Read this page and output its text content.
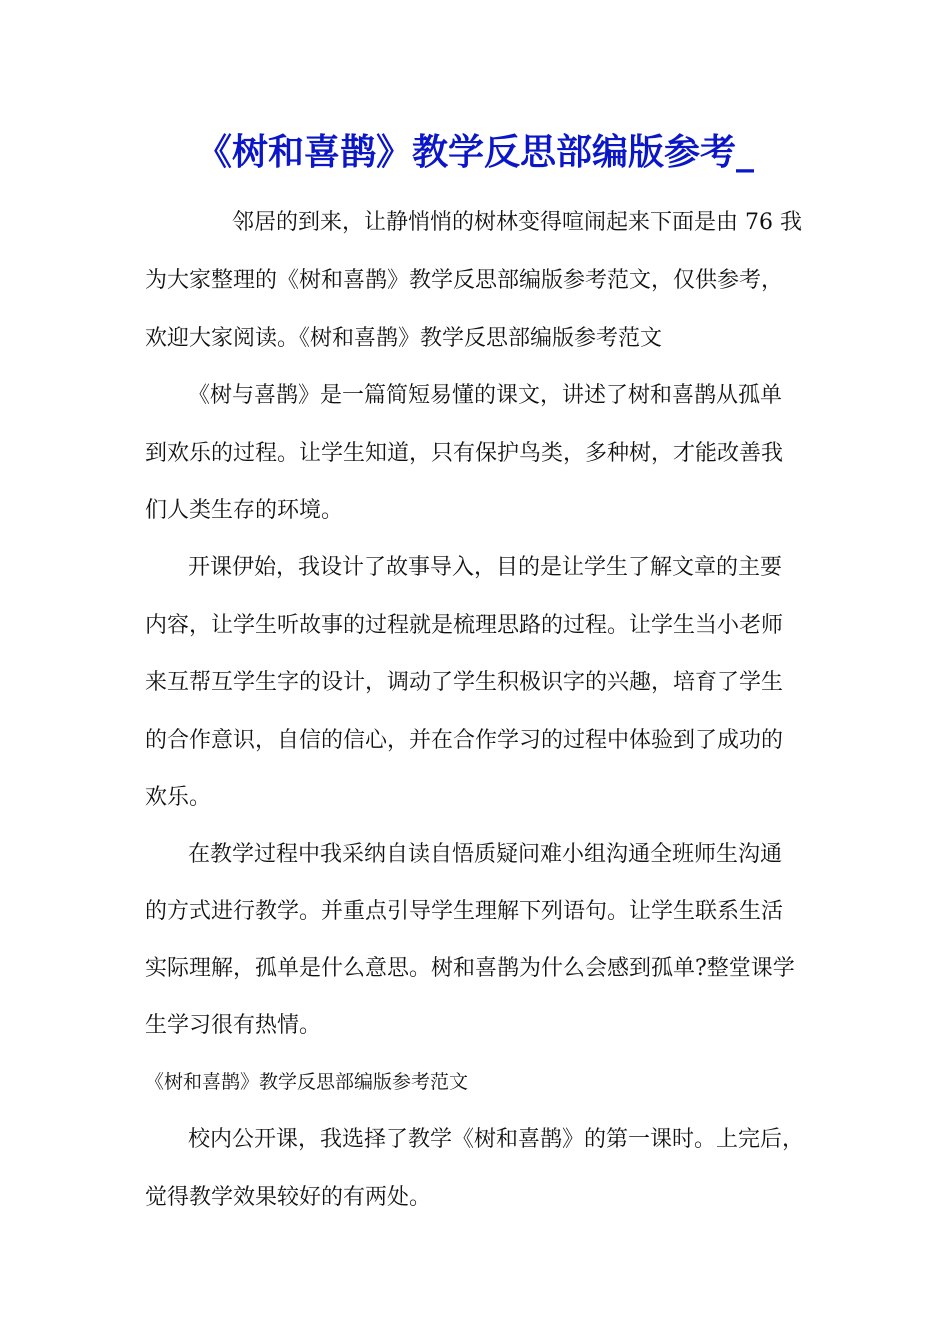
《树和喜鹊》教学反思部编版参考_
邻居的到来，让静悄悄的树林变得喧闹起来下面是由 76 我
为大家整理的《树和喜鹊》教学反思部编版参考范文，仅供参考，
欢迎大家阅读。《树和喜鹊》教学反思部编版参考范文
《树与喜鹊》是一篇简短易懂的课文，讲述了树和喜鹊从孤单
到欢乐的过程。让学生知道，只有保护鸟类，多种树，才能改善我
们人类生存的环境。
开课伊始，我设计了故事导入，目的是让学生了解文章的主要
内容，让学生听故事的过程就是梳理思路的过程。让学生当小老师
来互帮互学生字的设计，调动了学生积极识字的兴趣，培育了学生
的合作意识，自信的信心，并在合作学习的过程中体验到了成功的
欢乐。
在教学过程中我采纳自读自悟质疑问难小组沟通全班师生沟通
的方式进行教学。并重点引导学生理解下列语句。让学生联系生活
实际理解，孤单是什么意思。树和喜鹊为什么会感到孤单?整堂课学
生学习很有热情。
《树和喜鹊》教学反思部编版参考范文
校内公开课，我选择了教学《树和喜鹊》的第一课时。上完后，
觉得教学效果较好的有两处。
